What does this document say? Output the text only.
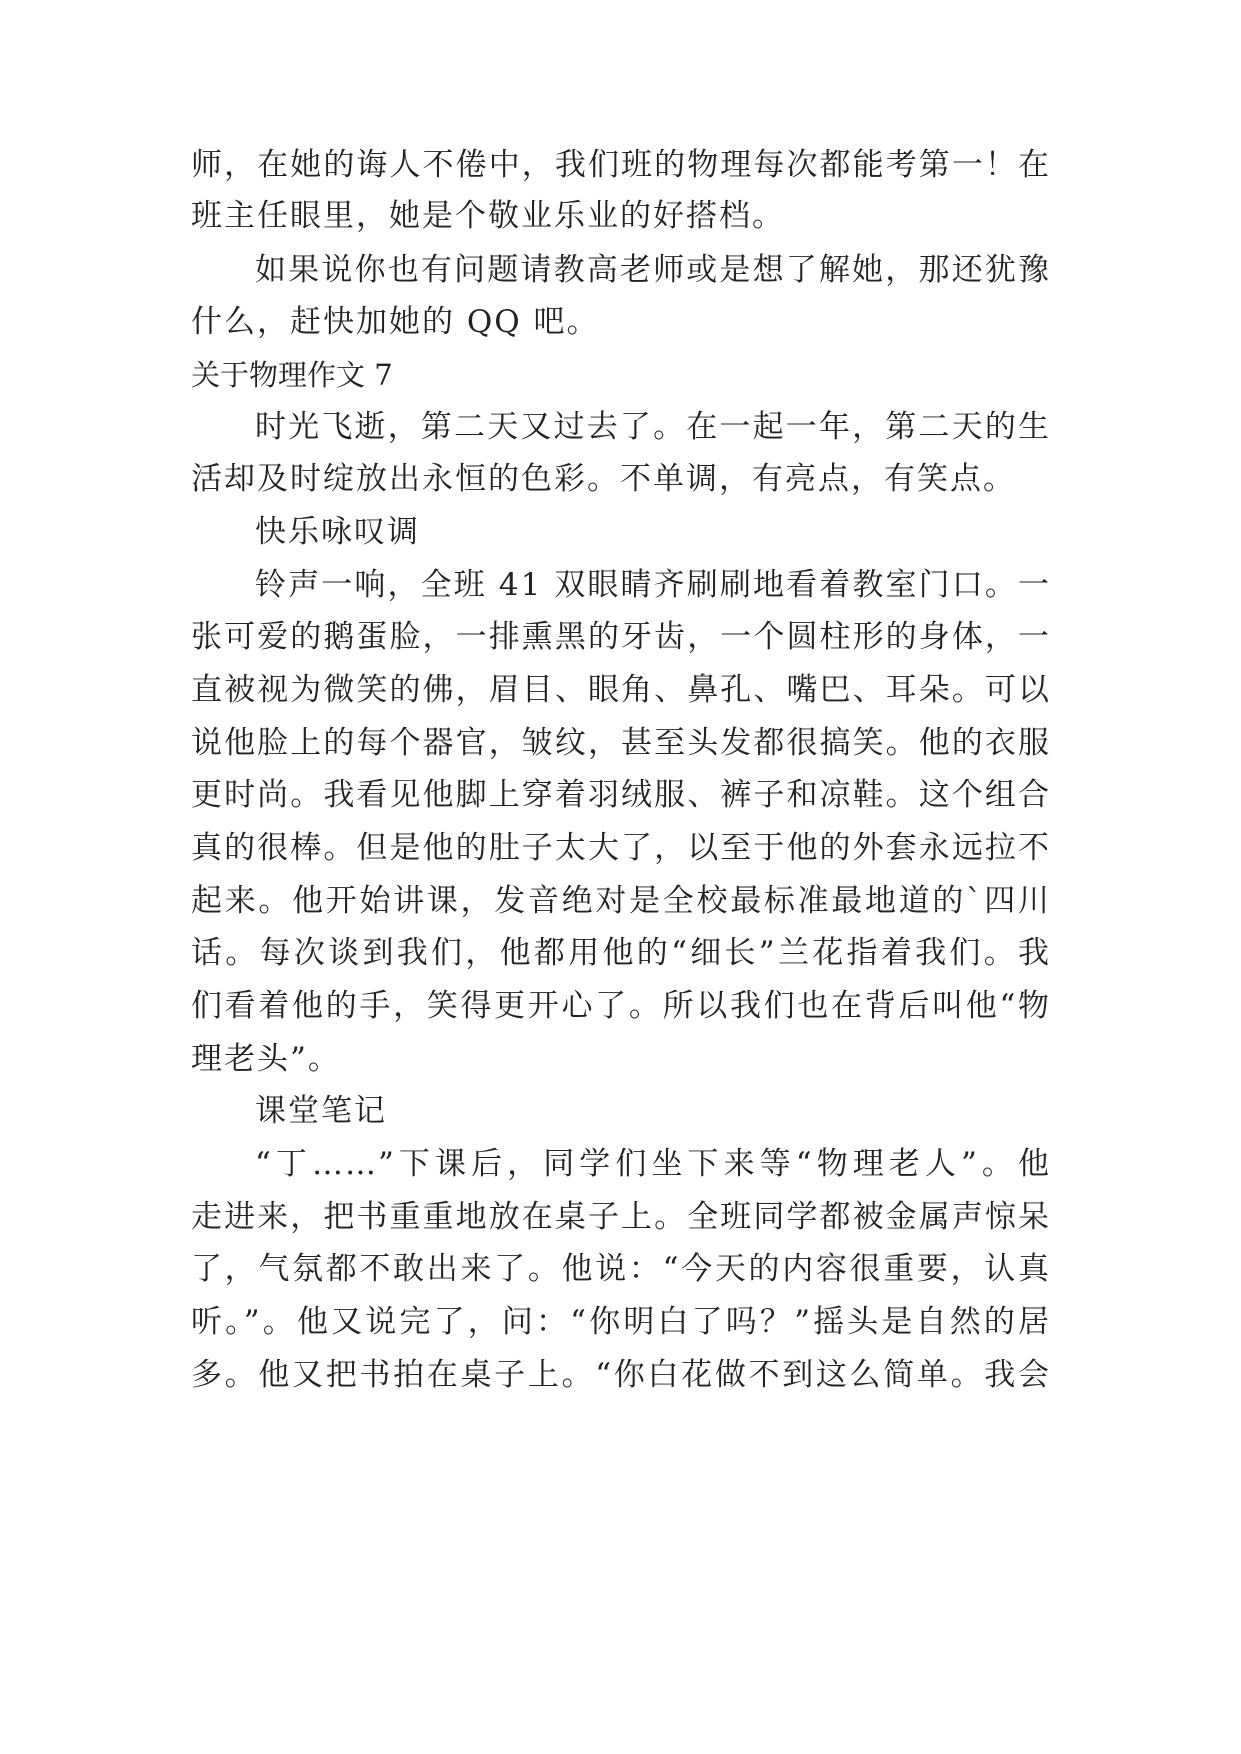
师，在她的诲人不倦中，我们班的物理每次都能考第一！在
班主任眼里，她是个敬业乐业的好搭档。
如果说你也有问题请教高老师或是想了解她，那还犹豫
什么，赶快加她的 QQ 吧。
关于物理作文 7
时光飞逝，第二天又过去了。在一起一年，第二天的生
活却及时绽放出永恒的色彩。不单调，有亮点，有笑点。
快乐咏叹调
铃声一响，全班 41 双眼睛齐刷刷地看着教室门口。一
张可爱的鹅蛋脸，一排熏黑的牙齿，一个圆柱形的身体，一
直被视为微笑的佛，眉目、眼角、鼻孔、嘴巴、耳朵。可以
说他脸上的每个器官，皱纹，甚至头发都很搞笑。他的衣服
更时尚。我看见他脚上穿着羽绒服、裤子和凉鞋。这个组合
真的很棒。但是他的肚子太大了，以至于他的外套永远拉不
起来。他开始讲课，发音绝对是全校最标准最地道的`四川
话。每次谈到我们，他都用他的“细长”兰花指着我们。我
们看着他的手，笑得更开心了。所以我们也在背后叫他“物
理老头”。
课堂笔记
“丁……”下课后，同学们坐下来等“物理老人”。他
走进来，把书重重地放在桌子上。全班同学都被金属声惊呆
了，气氛都不敢出来了。他说：“今天的内容很重要，认真
听。”。他又说完了，问：“你明白了吗？”摇头是自然的居
多。他又把书拍在桌子上。“你白花做不到这么简单。我会
